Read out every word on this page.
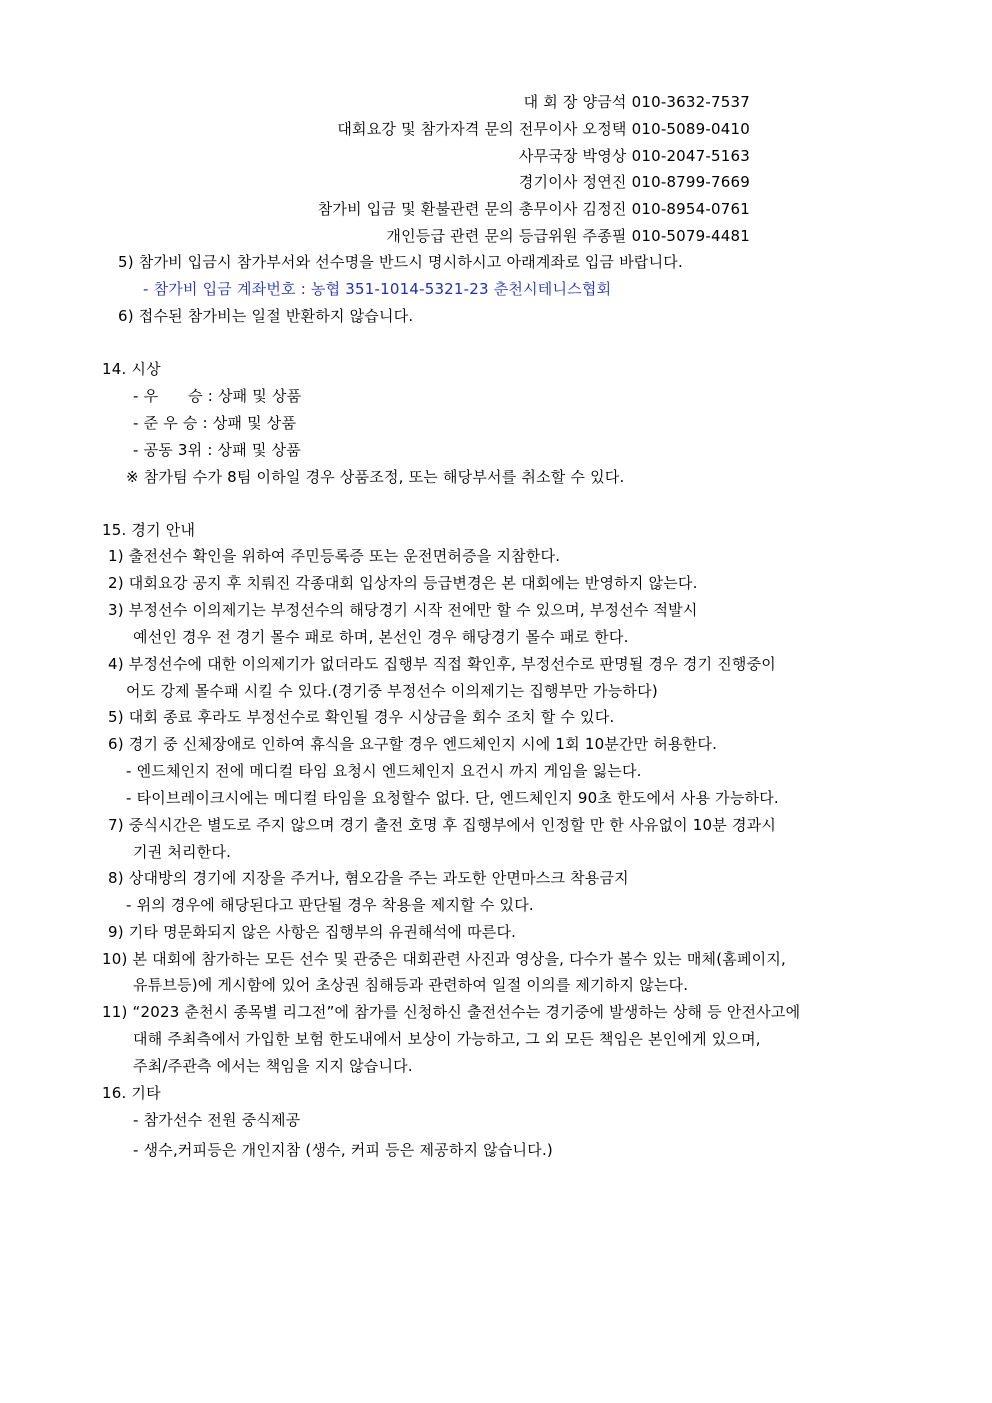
대 회 장 양금석 010-3632-7537
대회요강 및 참가자격 문의 전무이사 오정택 010-5089-0410
사무국장 박영상 010-2047-5163
경기이사 정연진 010-8799-7669
참가비 입금 및 환불관련 문의 총무이사 김정진 010-8954-0761
개인등급 관련 문의 등급위원 주종필 010-5079-4481
5) 참가비 입금시 참가부서와 선수명을 반드시 명시하시고 아래계좌로 입금 바랍니다.
- 참가비 입금 계좌번호 : 농협 351-1014-5321-23 춘천시테니스협회
6) 접수된 참가비는 일절 반환하지 않습니다.
14. 시상
- 우      승 : 상패 및 상품
- 준 우 승 : 상패 및 상품
- 공동 3위 : 상패 및 상품
※ 참가팀 수가 8팀 이하일 경우 상품조정, 또는 해당부서를 취소할 수 있다.
15. 경기 안내
1) 출전선수 확인을 위하여 주민등록증 또는 운전면허증을 지참한다.
2) 대회요강 공지 후 치뤄진 각종대회 입상자의 등급변경은 본 대회에는 반영하지 않는다.
3) 부정선수 이의제기는 부정선수의 해당경기 시작 전에만 할 수 있으며, 부정선수 적발시
예선인 경우 전 경기 몰수 패로 하며, 본선인 경우 해당경기 몰수 패로 한다.
4) 부정선수에 대한 이의제기가 없더라도 집행부 직접 확인후, 부정선수로 판명될 경우 경기 진행중이
어도 강제 몰수패 시킬 수 있다.(경기중 부정선수 이의제기는 집행부만 가능하다)
5) 대회 종료 후라도 부정선수로 확인될 경우 시상금을 회수 조치 할 수 있다.
6) 경기 중 신체장애로 인하여 휴식을 요구할 경우 엔드체인지 시에 1회 10분간만 허용한다.
- 엔드체인지 전에 메디컬 타임 요청시 엔드체인지 요건시 까지 게임을 잃는다.
- 타이브레이크시에는 메디컬 타임을 요청할수 없다. 단, 엔드체인지 90초 한도에서 사용 가능하다.
7) 중식시간은 별도로 주지 않으며 경기 출전 호명 후 집행부에서 인정할 만 한 사유없이 10분 경과시
기권 처리한다.
8) 상대방의 경기에 지장을 주거나, 혐오감을 주는 과도한 안면마스크 착용금지
- 위의 경우에 해당된다고 판단될 경우 착용을 제지할 수 있다.
9) 기타 명문화되지 않은 사항은 집행부의 유권해석에 따른다.
10) 본 대회에 참가하는 모든 선수 및 관중은 대회관련 사진과 영상을, 다수가 볼수 있는 매체(홈페이지,
유튜브등)에 게시함에 있어 초상권 침해등과 관련하여 일절 이의를 제기하지 않는다.
11) “2023 춘천시 종목별 리그전”에 참가를 신청하신 출전선수는 경기중에 발생하는 상해 등 안전사고에
대해 주최측에서 가입한 보험 한도내에서 보상이 가능하고, 그 외 모든 책임은 본인에게 있으며,
주최/주관측 에서는 책임을 지지 않습니다.
16. 기타
- 참가선수 전원 중식제공
- 생수,커피등은 개인지참 (생수, 커피 등은 제공하지 않습니다.)
